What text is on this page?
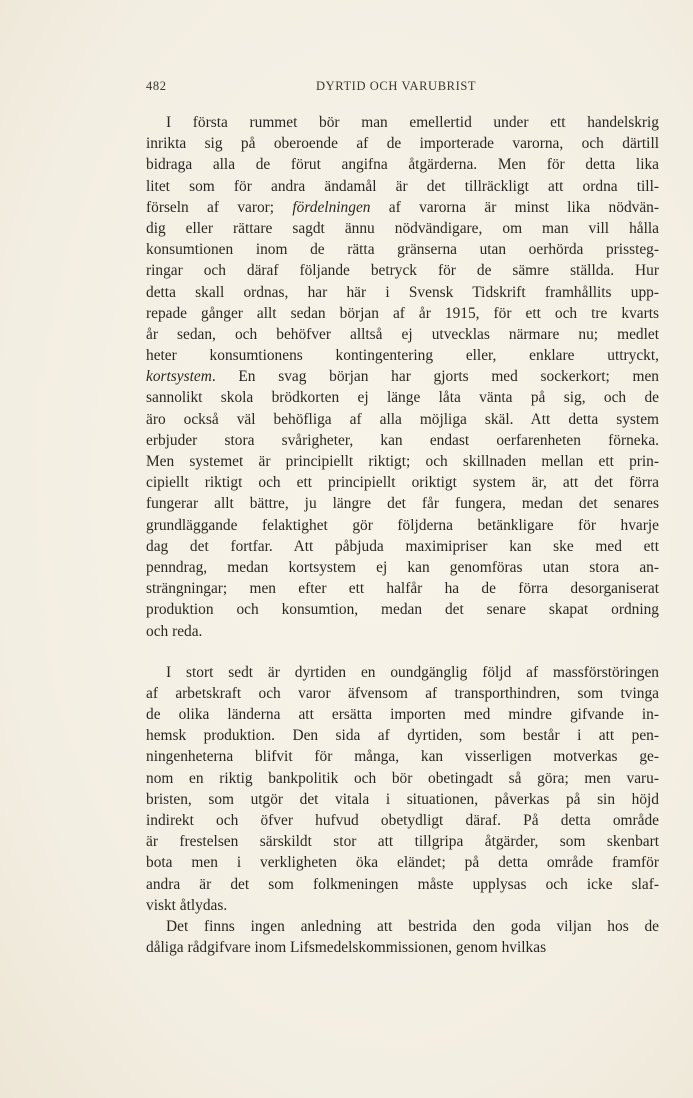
482	DYRTID OCH VARUBRIST
I första rummet bör man emellertid under ett handelskrig
inrikta sig på oberoende af de importerade varorna, och därtill
bidraga alla de förut angifna åtgärderna. Men för detta lika
litet som för andra ändamål är det tillräckligt att ordna till-
förseln af varor; fördelningen af varorna är minst lika nödvän-
dig eller rättare sagdt ännu nödvändigare, om man vill hålla
konsumtionen inom de rätta gränserna utan oerhörda prissteg-
ringar och däraf följande betryck för de sämre ställda. Hur
detta skall ordnas, har här i Svensk Tidskrift framhållits upp-
repade gånger allt sedan början af år 1915, för ett och tre kvarts
år sedan, och behöfver alltså ej utvecklas närmare nu; medlet
heter konsumtionens kontingentering eller, enklare uttryckt,
kortsystem. En svag början har gjorts med sockerkort; men
sannolikt skola brödkorten ej länge låta vänta på sig, och de
äro också väl behöfliga af alla möjliga skäl. Att detta system
erbjuder stora svårigheter, kan endast oerfarenheten förneka.
Men systemet är principiellt riktigt; och skillnaden mellan ett prin-
cipiellt riktigt och ett principiellt oriktigt system är, att det förra
fungerar allt bättre, ju längre det får fungera, medan det senares
grundläggande felaktighet gör följderna betänkligare för hvarje
dag det fortfar. Att påbjuda maximipriser kan ske med ett
penndrag, medan kortsystem ej kan genomföras utan stora an-
strängningar; men efter ett halfår ha de förra desorganiserat
produktion och konsumtion, medan det senare skapat ordning
och reda.
I stort sedt är dyrtiden en oundgänglig följd af massförstöringen
af arbetskraft och varor äfvensom af transporthindren, som tvinga
de olika länderna att ersätta importen med mindre gifvande in-
hemsk produktion. Den sida af dyrtiden, som består i att pen-
ningenheterna blifvit för många, kan visserligen motverkas ge-
nom en riktig bankpolitik och bör obetingadt så göra; men varu-
bristen, som utgör det vitala i situationen, påverkas på sin höjd
indirekt och öfver hufvud obetydligt däraf. På detta område
är frestelsen särskildt stor att tillgripa åtgärder, som skenbart
bota men i verkligheten öka eländet; på detta område framför
andra är det som folkmeningen måste upplysas och icke slaf-
viskt åtlydas.
Det finns ingen anledning att bestrida den goda viljan hos de
dåliga rådgifvare inom Lifsmedelskommissionen, genom hvilkas
